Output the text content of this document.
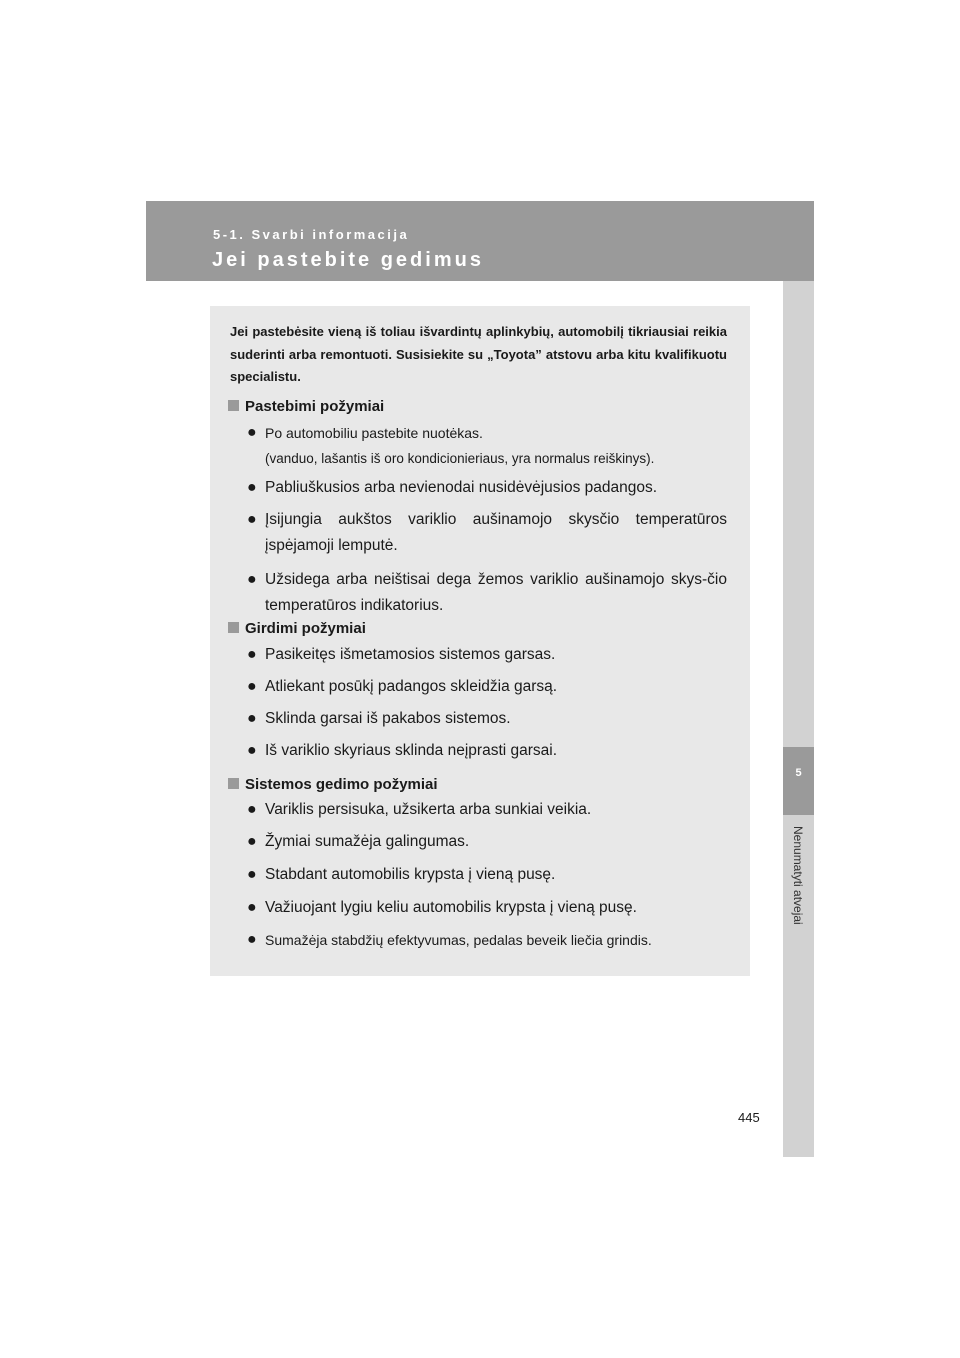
5-1. Svarbi informacija
Jei pastebite gedimus
5
Nenumatyti atvejai

Jei pastebėsite vieną iš toliau išvardintų aplinkybių, automobilį tikriausiai reikia suderinti arba remontuoti. Susisiekite su „Toyota” atstovu arba kitu kvalifikuotu specialistu.

Pastebimi požymiai
● Po automobiliu pastebite nuotėkas.
(vanduo, lašantis iš oro kondicionieriaus, yra normalus reiškinys).
● Pabliuškusios arba nevienodai nusidėvėjusios padangos.
● Įsijungia aukštos variklio aušinamojo skysčio temperatūros įspėjamoji lemputė.
● Užsidega arba neištisai dega žemos variklio aušinamojo skys-čio temperatūros indikatorius.
Girdimi požymiai
● Pasikeitęs išmetamosios sistemos garsas.
● Atliekant posūkį padangos skleidžia garsą.
● Sklinda garsai iš pakabos sistemos.
● Iš variklio skyriaus sklinda neįprasti garsai.
Sistemos gedimo požymiai
● Variklis persisuka, užsikerta arba sunkiai veikia.
● Žymiai sumažėja galingumas.
● Stabdant automobilis krypsta į vieną pusę.
● Važiuojant lygiu keliu automobilis krypsta į vieną pusę.
● Sumažėja stabdžių efektyvumas, pedalas beveik liečia grindis.
445
